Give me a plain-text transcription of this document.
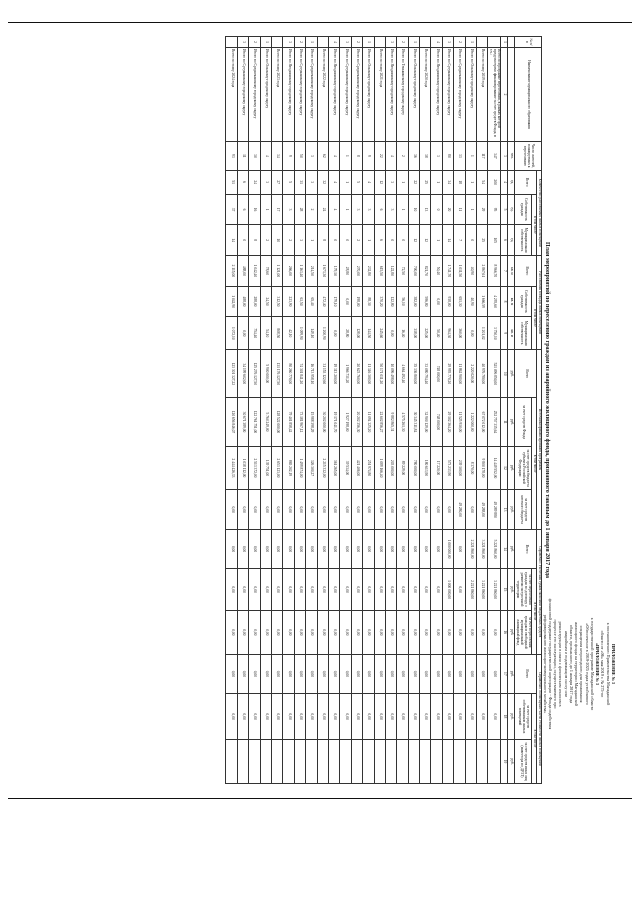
ПРИЛОЖЕНИЕ № 3
к постановлению Правительства Магаданской
области от «06» мая 2019 г. № 275-пп
«ПРИЛОЖЕНИЕ № 3
к государственной программе Магаданской области
«Обеспечение в 2019-2025 годах устойчивого
сокращения непригодного для проживания
жилищного фонда на территории Магаданской
области, признанного до 1 января 2017 года
аварийным и подлежащим сносу или
реконструкции в связи с физическим износом в
процессе его эксплуатации, осуществляемого при
финансовой поддержке государственной корпорации - Фонда содействия
реформированию жилищно-коммунального хозяйства»
План мероприятий по переселению граждан из аварийного жилищного фонда, признанного таковым до 1 января 2017 года
№ п/п	Наименование муниципального образования	Число жителей, планируемых к переселению	Количество расселяемых жилых помещений			Расселяемая площадь жилых помещений			Источники финансирования программы				Справочно: Расчетная сумма экономии бюджетных средств			Справочно: Возмещение части стоимости жилых помещений		
			Всего	в том числе		Всего	в том числе		Всего	в том числе			Всего	в том числе		Всего	в том числе	
				Собственность граждан	Муниципальная собственность		Собственность граждан	Муниципальная собственность		за счет средств Фонда	за счет средств бюджета субъекта Российской Федерации	за счет средств местного бюджета		за счет переселения граждан по договору о развитии застроенной территории	за счет переселения граждан в свободный муниципальный жилищный фонд		за счет средств собственников жилых помещений	за счет средств иных лиц (инвестора по ДРЗТ)
		чел.	ед.	ед.	ед.	кв. м	кв. м	кв. м	руб.	руб.	руб.	руб.	руб.	руб.	руб.	руб.	руб.	руб.
1	2	3	4	5	6	7	8	9	10	11	12	13	14	15	16	17	18	19
	Всего по программе переселения, в рамках которой предусмотрено финансирование за счет средств Фонда, в т.ч.:	347	200	95	105	8 966,70	4 293,60	3 750,10	521 096 850,00	252 757 335,64	14 449 552,00	49 289 880	5 221 860,00	3 221 860,00	0,00	0,00	0,00	
	Всего по этапу 2019 года	117	54	29	25	2 867,61	1 666,59	1 201,02	40 976 780,00	67 072 012,00	9 800 178,00	49 288,00	3 221 860,00	3 221 860,00	0,00	0,00	0,00	
1	Итого по Ольскому городскому округу	1	1	1	0	40,90	40,90	0,00	2 220 020,00	1 222 000,00	8 370,00	0,00	2 221 860,00	2 221 860,00	0,00	0,00	0,00	
2	Итого по Среднеканскому городскому округу	33	18	11	7	1 011,50	651,30	360,00	11 862 900,00	11 525 910,00	239 100,00	49 280,00	0,00	0,00	0,00	0,00	0,00	
3	Итого по Сусуманскому городскому округу	80	34	20	14	1 741,70	938,00	964,30	29 993 770,20	29 102 364,20	573 233,90	0,00	1 000 000,00	1 000 000,00	0,00	0,00	0,00	
4	Итого по Ягоднинскому городскому округу	3	1	0	1	50,40	0,00	50,40	748 000,00	748 000,00	17 220,00	0,00	0,00	0,00	0,00	0,00	0,00	
	Всего по этапу 2020 года	38	25	13	12	821,70	596,80	225,00	33 080 794,40	32 900 129,00	180 613,90	0,00	0,00	0,00	0,00	0,00	0,00	
1	Итого по Ольскому городскому округу	36	22	10	12	700,00	382,00	318,00	35 336 800,00	30 345 311,84	780 000,00	0,00	0,00	0,00	0,00	0,00	0,00	
2	Итого по Тенькинскому городскому округу	2	1	1	0	72,50	56,10	16,40	4 664 492,40	4 575 261,30	89 229,00	0,00	0,00	0,00	0,00	0,00	0,00	
3	Итого по Ягоднинскому городскому округу	4	3	3	0	122,80	122,80	0,00	10 096 498,00	9 882 865,31	203 000,00	0,00	0,00	0,00	0,00	0,00	0,00	
	Всего по этапу 2021 года	22	12	6	6	615,50	370,20	245,60	50 171 011,20	22 602 856,27	1 089 166,40	0,00	0,00	0,00	0,00	0,00	0,00	
1	Итого по Ольскому городскому округу	9	4	3	1	232,80	88,30	144,50	11 346 300,00	11 094 325,20	251 974,80	0,00	0,00	0,00	0,00	0,00	0,00	
2	Итого по Среднеканскому городскому округу	8	5	3	2	270,00	198,00	128,00	20 623 760,00	20 202 356,30	421 406,00	0,00	0,00	0,00	0,00	0,00	0,00	
3	Итого по Сусуманскому городскому округу	1	1	1	0	28,80	0,00	28,80	1 966 731,20	1 927 198,00	39 534,00	0,00	0,00	0,00	0,00	0,00	0,00	
4	Итого по Ягоднинскому городскому округу	4	4	4	0	179,10	179,10	0,00	19 313 200,00	19 171 041,70	361 265,00	0,00	0,00	0,00	0,00	0,00	0,00	
	Всего по этапу 2022 года	62	32	24	8	1 673,30	472,40	1 200,90	31 153 122,60	30 202 000,00	2 215 332,00	0,00	0,00	0,00	0,00	0,00	0,00	
1	Итого по Среднеканскому городскому округу	3	3	2	1	214,50	65,40	149,10	16 713 958,10	15 988 398,29	326 300,27	0,00	0,00	0,00	0,00	0,00	0,00	
2	Итого по Сусуманскому городскому округу	50	31	28	3	1 163,40	63,50	1 099,90	74 301 841,20	73 181 967,12	1 499 874,00	0,00	0,00	0,00	0,00	0,00	0,00	
3	Итого по Ягоднинскому городскому округу	9	5	3	2	266,00	223,90	42,10	80 260 770,00	79 401 858,42	865 202,19	0,00	0,00	0,00	0,00	0,00	0,00	
	Всего по этапу 2023 года	34	27	17	10	1 121,00	312,50	808,50	131 176 127,50	128 522 000,00	2 653 123,00	0,00	0,00	0,00	0,00	0,00	0,00	
1	Итого по Ольскому городскому округу	4	3	1	2	78,60	24,50	54,10	5 900 000,00	5 760 249,00	139 751,00	0,00	0,00	0,00	0,00	0,00	0,00	
2	Итого по Среднеканскому городскому округу	30	24	16	8	1 042,40	288,00	754,40	125 276 127,50	122 761 751,00	2 513 372,00	0,00	0,00	0,00	0,00	0,00	0,00	
3	Итого по Сусуманскому городскому округу	11	6	6	0	488,00	488,00	0,00	34 199 602,00	30 671 389,00	1 038 112,00	0,00	0,00	0,00	0,00	0,00	0,00	
	Всего по этапу 2024 года	93	51	37	14	2 115,00	1 042,90	1 072,10	123 301 327,22	120 656 846,07	2 444 426,33	0,00	0,00	0,00	0,00	0,00	0,00	
